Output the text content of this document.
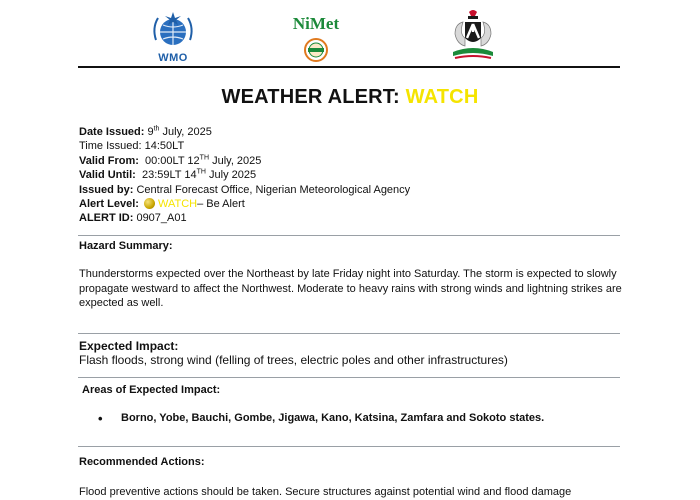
WMO
NiMet
WEATHER ALERT: WATCH
Date Issued: 9th July, 2025
Time Issued: 14:50LT
Valid From:  00:00LT 12TH July, 2025
Valid Until:  23:59LT 14TH July 2025
Issued by: Central Forecast Office, Nigerian Meteorological Agency
Alert Level: WATCH– Be Alert
ALERT ID: 0907_A01
Hazard Summary:
Thunderstorms expected over the Northeast by late Friday night into Saturday. The storm is expected to slowly propagate westward to affect the Northwest. Moderate to heavy rains with strong winds and lightning strikes are expected as well.
Expected Impact:
Flash floods, strong wind (felling of trees, electric poles and other infrastructures)
Areas of Expected Impact:
• Borno, Yobe, Bauchi, Gombe, Jigawa, Kano, Katsina, Zamfara and Sokoto states.
Recommended Actions:
Flood preventive actions should be taken. Secure structures against potential wind and flood damage
